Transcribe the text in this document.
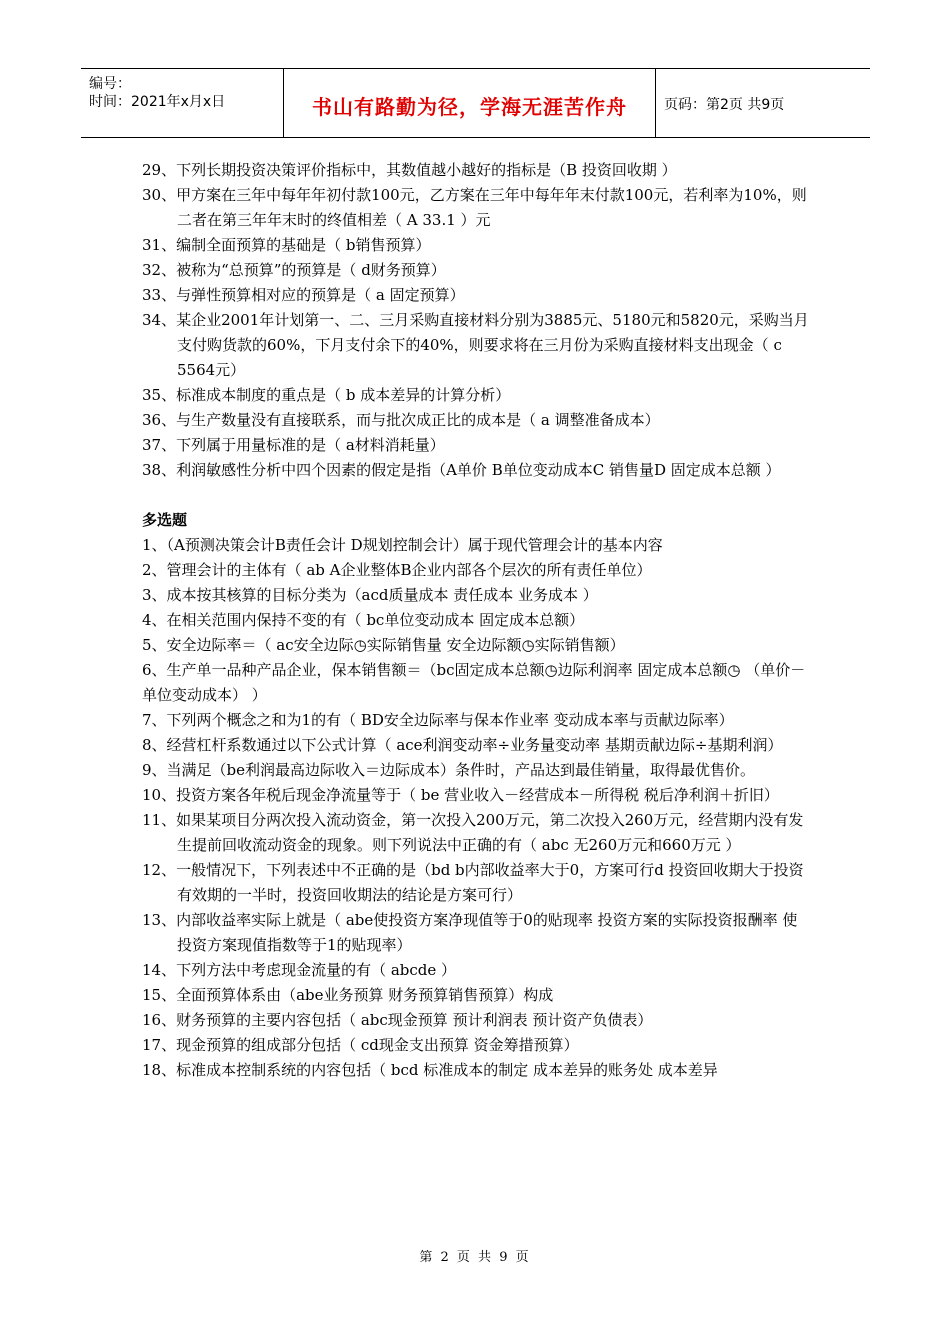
编号：
时间：2021年x月x日	书山有路勤为径，学海无涯苦作舟	页码：第2页 共9页
29、下列长期投资决策评价指标中，其数值越小越好的指标是（B 投资回收期 ）
30、甲方案在三年中每年年初付款100元，乙方案在三年中每年年末付款100元，若利率为10%，则二者在第三年年末时的终值相差（ A 33.1 ）元
31、编制全面预算的基础是（ b销售预算）
32、被称为“总预算”的预算是（ d财务预算）
33、与弹性预算相对应的预算是（ a 固定预算）
34、某企业2001年计划第一、二、三月采购直接材料分别为3885元、5180元和5820元，采购当月支付购货款的60%，下月支付余下的40%，则要求将在三月份为采购直接材料支出现金（ c 5564元）
35、标准成本制度的重点是（ b 成本差异的计算分析）
36、与生产数量没有直接联系，而与批次成正比的成本是（ a 调整准备成本）
37、下列属于用量标准的是（ a材料消耗量）
38、利润敏感性分析中四个因素的假定是指（A单价 B单位变动成本C 销售量D 固定成本总额 ）
多选题
1、（A预测决策会计B责任会计 D规划控制会计）属于现代管理会计的基本内容
2、管理会计的主体有（ ab A企业整体B企业内部各个层次的所有责任单位）
3、成本按其核算的目标分类为（acd质量成本 责任成本 业务成本 ）
4、在相关范围内保持不变的有（ bc单位变动成本 固定成本总额）
5、安全边际率＝（ ac安全边际◷实际销售量 安全边际额◷实际销售额）
6、生产单一品种产品企业，保本销售额＝（bc固定成本总额◷边际利润率 固定成本总额◷ （单价－单位变动成本） ）
7、下列两个概念之和为1的有（ BD安全边际率与保本作业率 变动成本率与贡献边际率）
8、经营杠杆系数通过以下公式计算（ ace利润变动率÷业务量变动率 基期贡献边际÷基期利润）
9、当满足（be利润最高边际收入＝边际成本）条件时，产品达到最佳销量，取得最优售价。
10、投资方案各年税后现金净流量等于（ be 营业收入－经营成本－所得税 税后净利润＋折旧）
11、如果某项目分两次投入流动资金，第一次投入200万元，第二次投入260万元，经营期内没有发生提前回收流动资金的现象。则下列说法中正确的有（ abc 无260万元和660万元 ）
12、一般情况下，下列表述中不正确的是（bd b内部收益率大于0，方案可行d 投资回收期大于投资有效期的一半时，投资回收期法的结论是方案可行）
13、内部收益率实际上就是（ abe使投资方案净现值等于0的贴现率 投资方案的实际投资报酬率 使投资方案现值指数等于1的贴现率）
14、下列方法中考虑现金流量的有（ abcde ）
15、全面预算体系由（abe业务预算 财务预算销售预算）构成
16、财务预算的主要内容包括（ abc现金预算 预计利润表 预计资产负债表）
17、现金预算的组成部分包括（ cd现金支出预算 资金筹措预算）
18、标准成本控制系统的内容包括（ bcd 标准成本的制定 成本差异的账务处 成本差异
第 2 页 共 9 页
